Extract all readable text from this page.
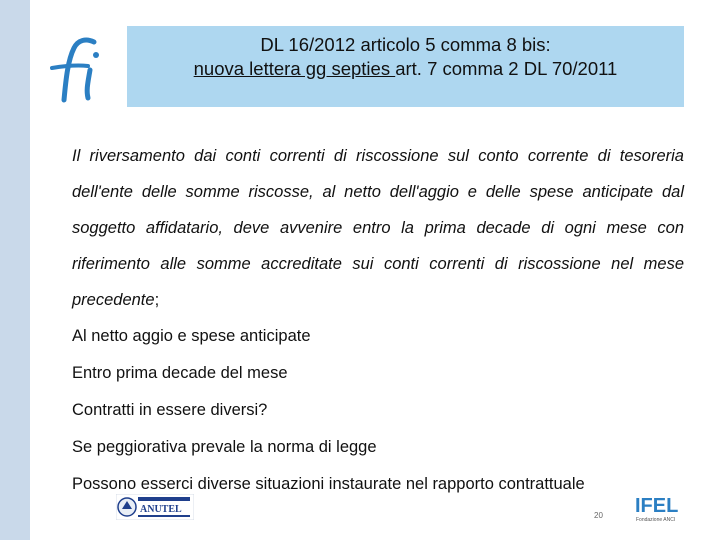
DL 16/2012 articolo 5 comma 8 bis:
nuova lettera gg septies art. 7 comma 2 DL 70/2011

Il riversamento dai conti correnti di riscossione sul conto corrente di tesoreria dell'ente delle somme riscosse, al netto dell'aggio e delle spese anticipate dal soggetto affidatario, deve avvenire entro la prima decade di ogni mese con riferimento alle somme accreditate sui conti correnti di riscossione nel mese precedente;

Al netto aggio e spese anticipate

Entro prima decade del mese

Contratti in essere diversi?

Se peggiorativa prevale la norma di legge

Possono esserci diverse situazioni instaurate nel rapporto contrattuale

ANUTEL
20 IFEL
Fondazione ANCI
